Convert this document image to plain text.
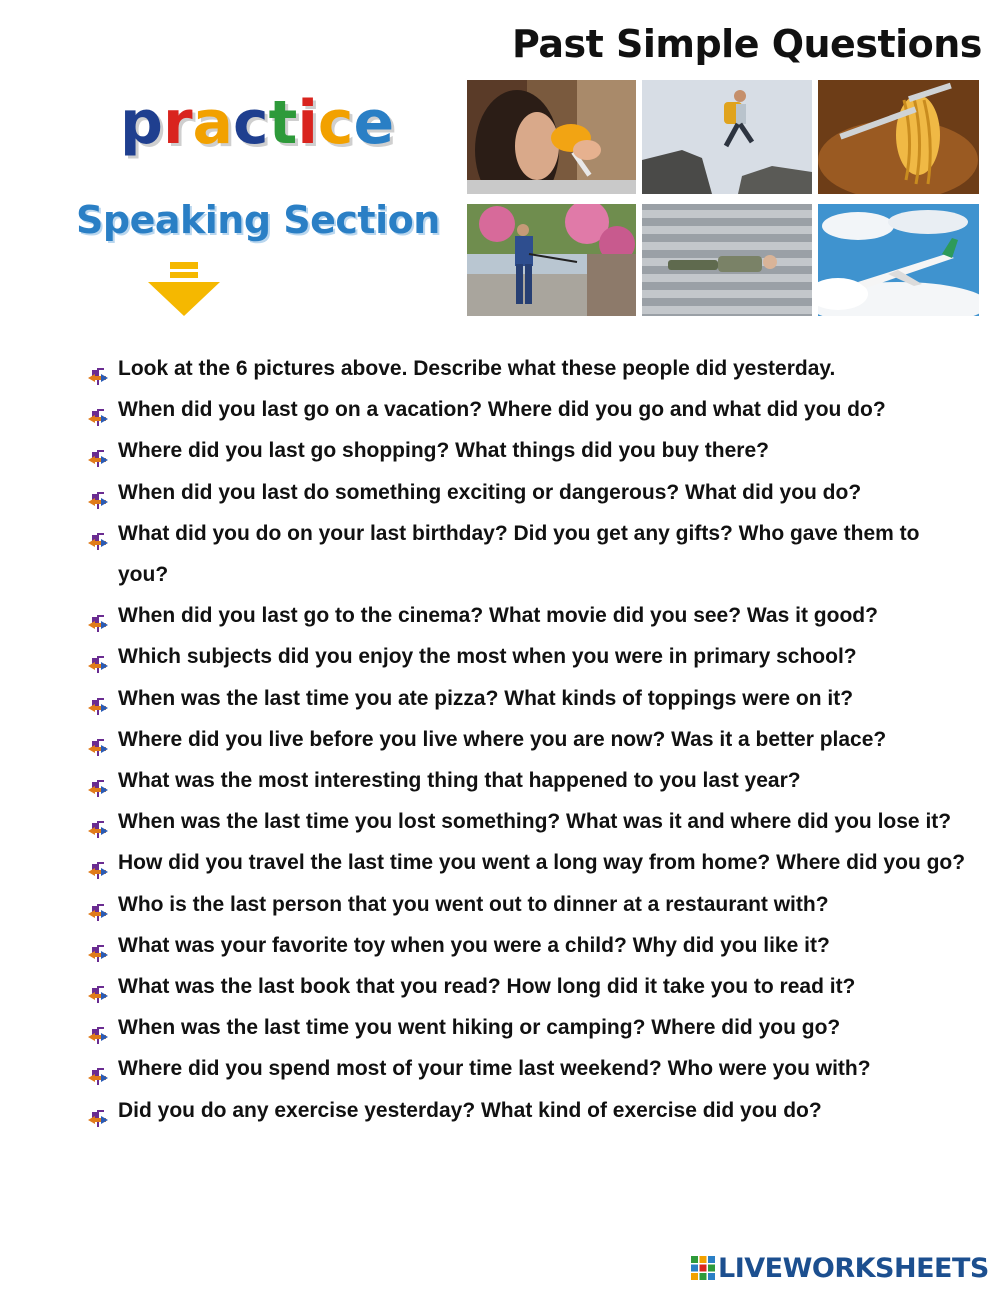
Past Simple Questions
practice
Speaking Section
Look at the 6 pictures above. Describe what these people did yesterday.
When did you last go on a vacation? Where did you go and what did you do?
Where did you last go shopping? What things did you buy there?
When did you last do something exciting or dangerous? What did you do?
What did you do on your last birthday? Did you get any gifts? Who gave them to you?
When did you last go to the cinema? What movie did you see? Was it good?
Which subjects did you enjoy the most when you were in primary school?
When was the last time you ate pizza? What kinds of toppings were on it?
Where did you live before you live where you are now? Was it a better place?
What was the most interesting thing that happened to you last year?
When was the last time you lost something? What was it and where did you lose it?
How did you travel the last time you went a long way from home? Where did you go?
Who is the last person that you went out to dinner at a restaurant with?
What was your favorite toy when you were a child? Why did you like it?
What was the last book that you read? How long did it take you to read it?
When was the last time you went hiking or camping? Where did you go?
Where did you spend most of your time last weekend? Who were you with?
Did you do any exercise yesterday? What kind of exercise did you do?
LIVEWORKSHEETS
